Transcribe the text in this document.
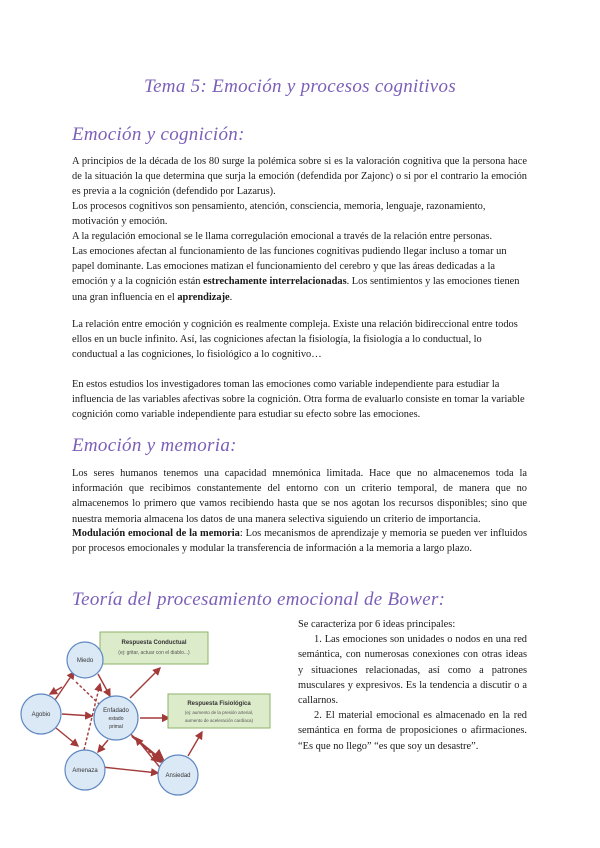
Tema 5: Emoción y procesos cognitivos
Emoción y cognición:
A principios de la década de los 80 surge la polémica sobre si es la valoración cognitiva que la persona hace de la situación la que determina que surja la emoción (defendida por Zajonc) o si por el contrario la emoción es previa a la cognición (defendido por Lazarus).
Los procesos cognitivos son pensamiento, atención, consciencia, memoria, lenguaje, razonamiento, motivación y emoción.
A la regulación emocional se le llama corregulación emocional a través de la relación entre personas.
Las emociones afectan al funcionamiento de las funciones cognitivas pudiendo llegar incluso a tomar un papel dominante. Las emociones matizan el funcionamiento del cerebro y que las áreas dedicadas a la emoción y a la cognición están estrechamente interrelacionadas. Los sentimientos y las emociones tienen una gran influencia en el aprendizaje.
La relación entre emoción y cognición es realmente compleja. Existe una relación bidireccional entre todos ellos en un bucle infinito. Así, las cogniciones afectan la fisiología, la fisiología a lo conductual, lo conductual a las cogniciones, lo fisiológico a lo cognitivo…
En estos estudios los investigadores toman las emociones como variable independiente para estudiar la influencia de las variables afectivas sobre la cognición. Otra forma de evaluarlo consiste en tomar la variable cognición como variable independiente para estudiar su efecto sobre las emociones.
Emoción y memoria:
Los seres humanos tenemos una capacidad mnemónica limitada. Hace que no almacenemos toda la información que recibimos constantemente del entorno con un criterio temporal, de manera que no almacenemos lo primero que vamos recibiendo hasta que se nos agotan los recursos disponibles; sino que nuestra memoria almacena los datos de una manera selectiva siguiendo un criterio de importancia.
Modulación emocional de la memoria: Los mecanismos de aprendizaje y memoria se pueden ver influidos por procesos emocionales y modular la transferencia de información a la memoria a largo plazo.
Teoría del procesamiento emocional de Bower:
Se caracteriza por 6 ideas principales:
1. Las emociones son unidades o nodos en una red semántica, con numerosas conexiones con otras ideas y situaciones relacionadas, así como a patrones musculares y expresivos. Es la tendencia a discutir o a callarnos.
2. El material emocional es almacenado en la red semántica en forma de proposiciones o afirmaciones. “Es que no llego” “es que soy un desastre”.
Respuesta Conductual
(ej: gritar, actuar con el diablo...)
Respuesta Fisiológica
(ej: aumento de la presión arterial,
aumento de aceleración cardíaca)
Miedo
Agobio
Enfadado
estado
primal
Amenaza
Ansiedad
